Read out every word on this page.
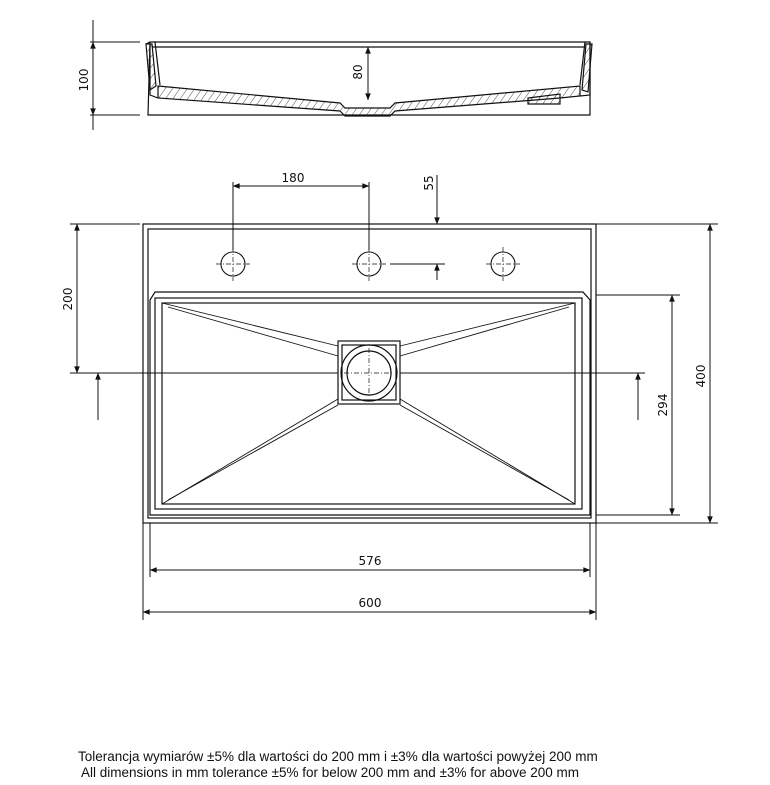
100	80
180	55
200
294
400
576
600
Tolerancja wymiarów ±5% dla wartości do 200 mm i ±3% dla wartości powyżej 200 mm
All dimensions in mm tolerance ±5% for below 200 mm and ±3% for above 200 mm
